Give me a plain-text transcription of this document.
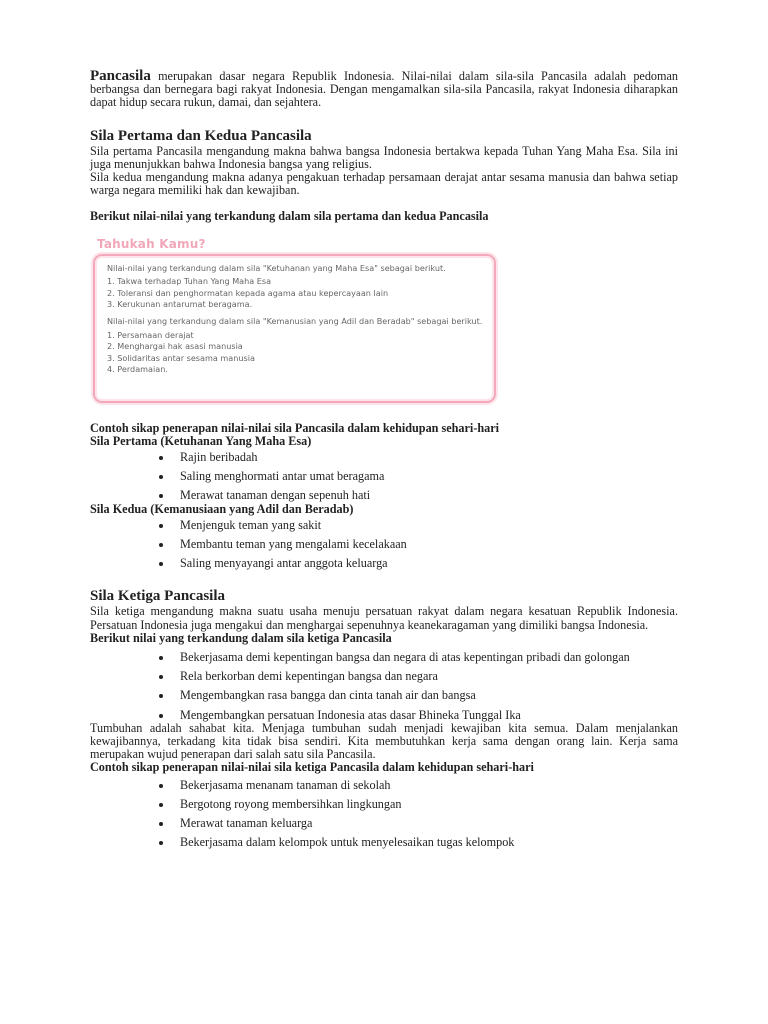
Pancasila merupakan dasar negara Republik Indonesia. Nilai-nilai dalam sila-sila Pancasila adalah pedoman berbangsa dan bernegara bagi rakyat Indonesia. Dengan mengamalkan sila-sila Pancasila, rakyat Indonesia diharapkan dapat hidup secara rukun, damai, dan sejahtera.

Sila Pertama dan Kedua Pancasila

Sila pertama Pancasila mengandung makna bahwa bangsa Indonesia bertakwa kepada Tuhan Yang Maha Esa. Sila ini juga menunjukkan bahwa Indonesia bangsa yang religius.

Sila kedua mengandung makna adanya pengakuan terhadap persamaan derajat antar sesama manusia dan bahwa setiap warga negara memiliki hak dan kewajiban.

Berikut nilai-nilai yang terkandung dalam sila pertama dan kedua Pancasila

Tahukah Kamu?
Nilai-nilai yang terkandung dalam sila "Ketuhanan yang Maha Esa" sebagai berikut.
1. Takwa terhadap Tuhan Yang Maha Esa
2. Toleransi dan penghormatan kepada agama atau kepercayaan lain
3. Kerukunan antarumat beragama.
Nilai-nilai yang terkandung dalam sila "Kemanusian yang Adil dan Beradab" sebagai berikut.
1. Persamaan derajat
2. Menghargai hak asasi manusia
3. Solidaritas antar sesama manusia
4. Perdamaian.

Contoh sikap penerapan nilai-nilai sila Pancasila dalam kehidupan sehari-hari

Sila Pertama (Ketuhanan Yang Maha Esa)

Rajin beribadah
Saling menghormati antar umat beragama
Merawat tanaman dengan sepenuh hati

Sila Kedua (Kemanusiaan yang Adil dan Beradab)

Menjenguk teman yang sakit
Membantu teman yang mengalami kecelakaan
Saling menyayangi antar anggota keluarga
Sila Ketiga Pancasila

Sila ketiga mengandung makna suatu usaha menuju persatuan rakyat dalam negara kesatuan Republik Indonesia. Persatuan Indonesia juga mengakui dan menghargai sepenuhnya keanekaragaman yang dimiliki bangsa Indonesia.

Berikut nilai yang terkandung dalam sila ketiga Pancasila

Bekerjasama demi kepentingan bangsa dan negara di atas kepentingan pribadi dan golongan
Rela berkorban demi kepentingan bangsa dan negara
Mengembangkan rasa bangga dan cinta tanah air dan bangsa
Mengembangkan persatuan Indonesia atas dasar Bhineka Tunggal Ika

Tumbuhan adalah sahabat kita. Menjaga tumbuhan sudah menjadi kewajiban kita semua. Dalam menjalankan kewajibannya, terkadang kita tidak bisa sendiri. Kita membutuhkan kerja sama dengan orang lain. Kerja sama merupakan wujud penerapan dari salah satu sila Pancasila.

Contoh sikap penerapan nilai-nilai sila ketiga Pancasila dalam kehidupan sehari-hari

Bekerjasama menanam tanaman di sekolah
Bergotong royong membersihkan lingkungan
Merawat tanaman keluarga
Bekerjasama dalam kelompok untuk menyelesaikan tugas kelompok
